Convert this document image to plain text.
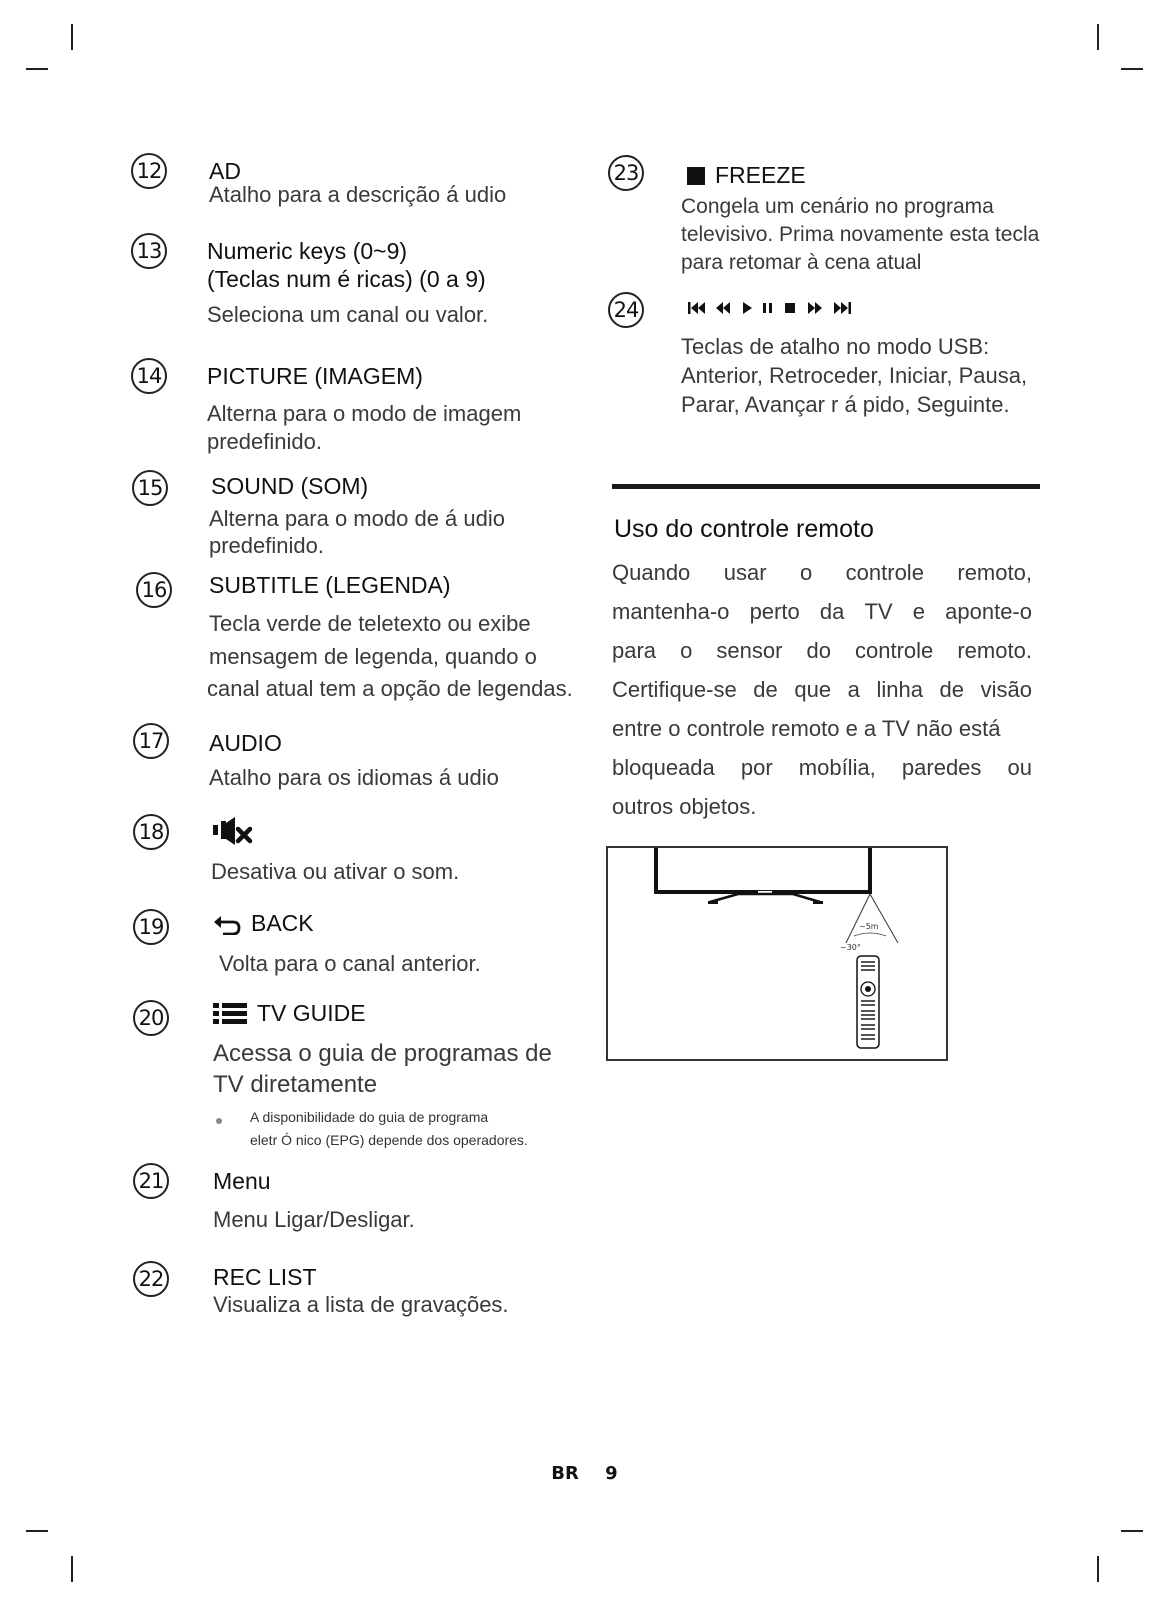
12 AD
Atalho para a descrição á udio
13 Numeric keys (0~9)
(Teclas num é ricas) (0 a 9)
Seleciona um canal ou valor.
14 PICTURE (IMAGEM)
Alterna para o modo de imagem
predefinido.
15 SOUND (SOM)
Alterna para o modo de á udio
predefinido.
16 SUBTITLE (LEGENDA)
Tecla verde de teletexto ou exibe
mensagem de legenda, quando o
canal atual tem a opção de legendas.
17 AUDIO
Atalho para os idiomas á udio
18
Desativa ou ativar o som.
19	BACK
Volta para o canal anterior.
20	TV GUIDE
Acessa o guia de programas de
TV diretamente
A disponibilidade do guia de programa
eletr Ó nico (EPG) depende dos operadores.
21 Menu
Menu Ligar/Desligar.
22 REC LIST
Visualiza a lista de gravações.
23	FREEZE
Congela um cenário no programa
televisivo. Prima novamente esta tecla
para retomar à cena atual
24
Teclas de atalho no modo USB:
Anterior, Retroceder, Iniciar, Pausa,
Parar, Avançar r á pido, Seguinte.
Uso do controle remoto
Quando usar o controle remoto,
mantenha-o perto da TV e aponte-o
para o sensor do controle remoto.
Certifique-se de que a linha de visão
entre o controle remoto e a TV não está
bloqueada por mobília, paredes ou
outros objetos.
~5m
~30°
BR 9
